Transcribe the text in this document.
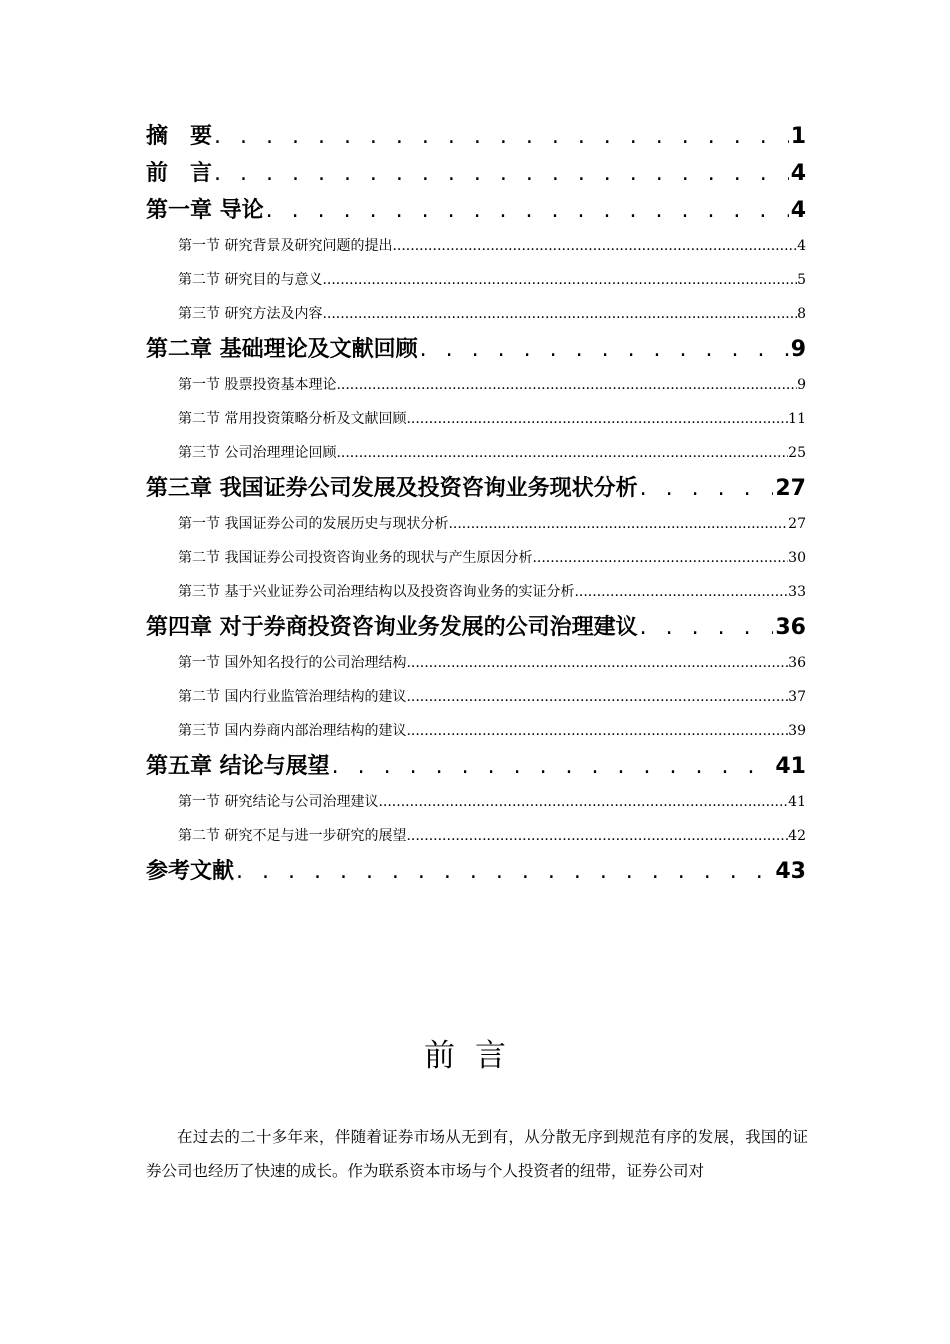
摘　要 . . .	1
前　言 . . .	4
第一章 导论 . . .	4
第一节 研究背景及研究问题的提出 .....	4
第二节 研究目的与意义 .....	5
第三节 研究方法及内容 .....	8
第二章 基础理论及文献回顾 . . .	9
第一节 股票投资基本理论 .....	9
第二节 常用投资策略分析及文献回顾 .....	11
第三节 公司治理理论回顾 .....	25
第三章 我国证券公司发展及投资咨询业务现状分析 . . .	27
第一节 我国证券公司的发展历史与现状分析 .....	27
第二节 我国证券公司投资咨询业务的现状与产生原因分析 .....	30
第三节 基于兴业证券公司治理结构以及投资咨询业务的实证分析 .....	33
第四章 对于券商投资咨询业务发展的公司治理建议 . . .	36
第一节 国外知名投行的公司治理结构 .....	36
第二节 国内行业监管治理结构的建议 .....	37
第三节 国内券商内部治理结构的建议 .....	39
第五章 结论与展望 . . .	41
第一节 研究结论与公司治理建议 .....	41
第二节 研究不足与进一步研究的展望 .....	42
参考文献 . . .	43
前言
在过去的二十多年来，伴随着证券市场从无到有，从分散无序到规范有序的发展，我国的证券公司也经历了快速的成长。作为联系资本市场与个人投资者的纽带，证券公司对
